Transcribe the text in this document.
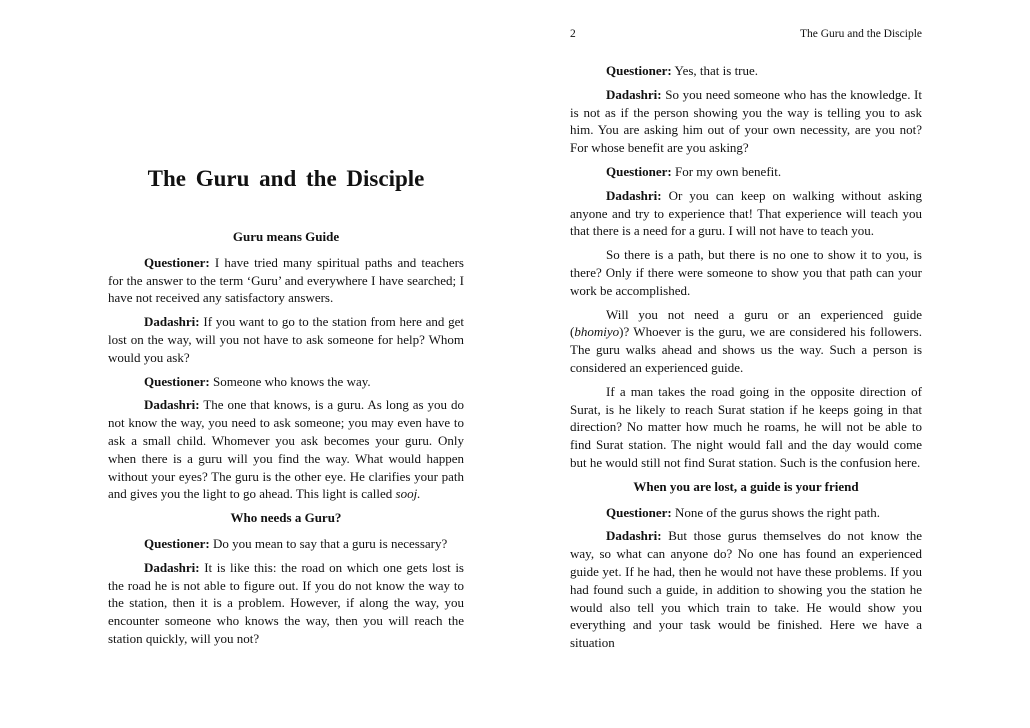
The Guru and the Disciple
Guru means Guide

Questioner: I have tried many spiritual paths and teachers for the answer to the term ‘Guru’ and everywhere I have searched; I have not received any satisfactory answers.

Dadashri: If you want to go to the station from here and get lost on the way, will you not have to ask someone for help? Whom would you ask?

Questioner: Someone who knows the way.

Dadashri: The one that knows, is a guru. As long as you do not know the way, you need to ask someone; you may even have to ask a small child. Whomever you ask becomes your guru. Only when there is a guru will you find the way. What would happen without your eyes? The guru is the other eye. He clarifies your path and gives you the light to go ahead. This light is called sooj.

Who needs a Guru?

Questioner: Do you mean to say that a guru is necessary?

Dadashri: It is like this: the road on which one gets lost is the road he is not able to figure out. If you do not know the way to the station, then it is a problem. However, if along the way, you encounter someone who knows the way, then you will reach the station quickly, will you not?

2	The Guru and the Disciple

Questioner: Yes, that is true.

Dadashri: So you need someone who has the knowledge. It is not as if the person showing you the way is telling you to ask him. You are asking him out of your own necessity, are you not? For whose benefit are you asking?

Questioner: For my own benefit.

Dadashri: Or you can keep on walking without asking anyone and try to experience that! That experience will teach you that there is a need for a guru. I will not have to teach you.

So there is a path, but there is no one to show it to you, is there? Only if there were someone to show you that path can your work be accomplished.

Will you not need a guru or an experienced guide (bhomiyo)? Whoever is the guru, we are considered his followers. The guru walks ahead and shows us the way. Such a person is considered an experienced guide.

If a man takes the road going in the opposite direction of Surat, is he likely to reach Surat station if he keeps going in that direction? No matter how much he roams, he will not be able to find Surat station. The night would fall and the day would come but he would still not find Surat station. Such is the confusion here.

When you are lost, a guide is your friend

Questioner: None of the gurus shows the right path.

Dadashri: But those gurus themselves do not know the way, so what can anyone do? No one has found an experienced guide yet. If he had, then he would not have these problems. If you had found such a guide, in addition to showing you the station he would also tell you which train to take. He would show you everything and your task would be finished. Here we have a situation
